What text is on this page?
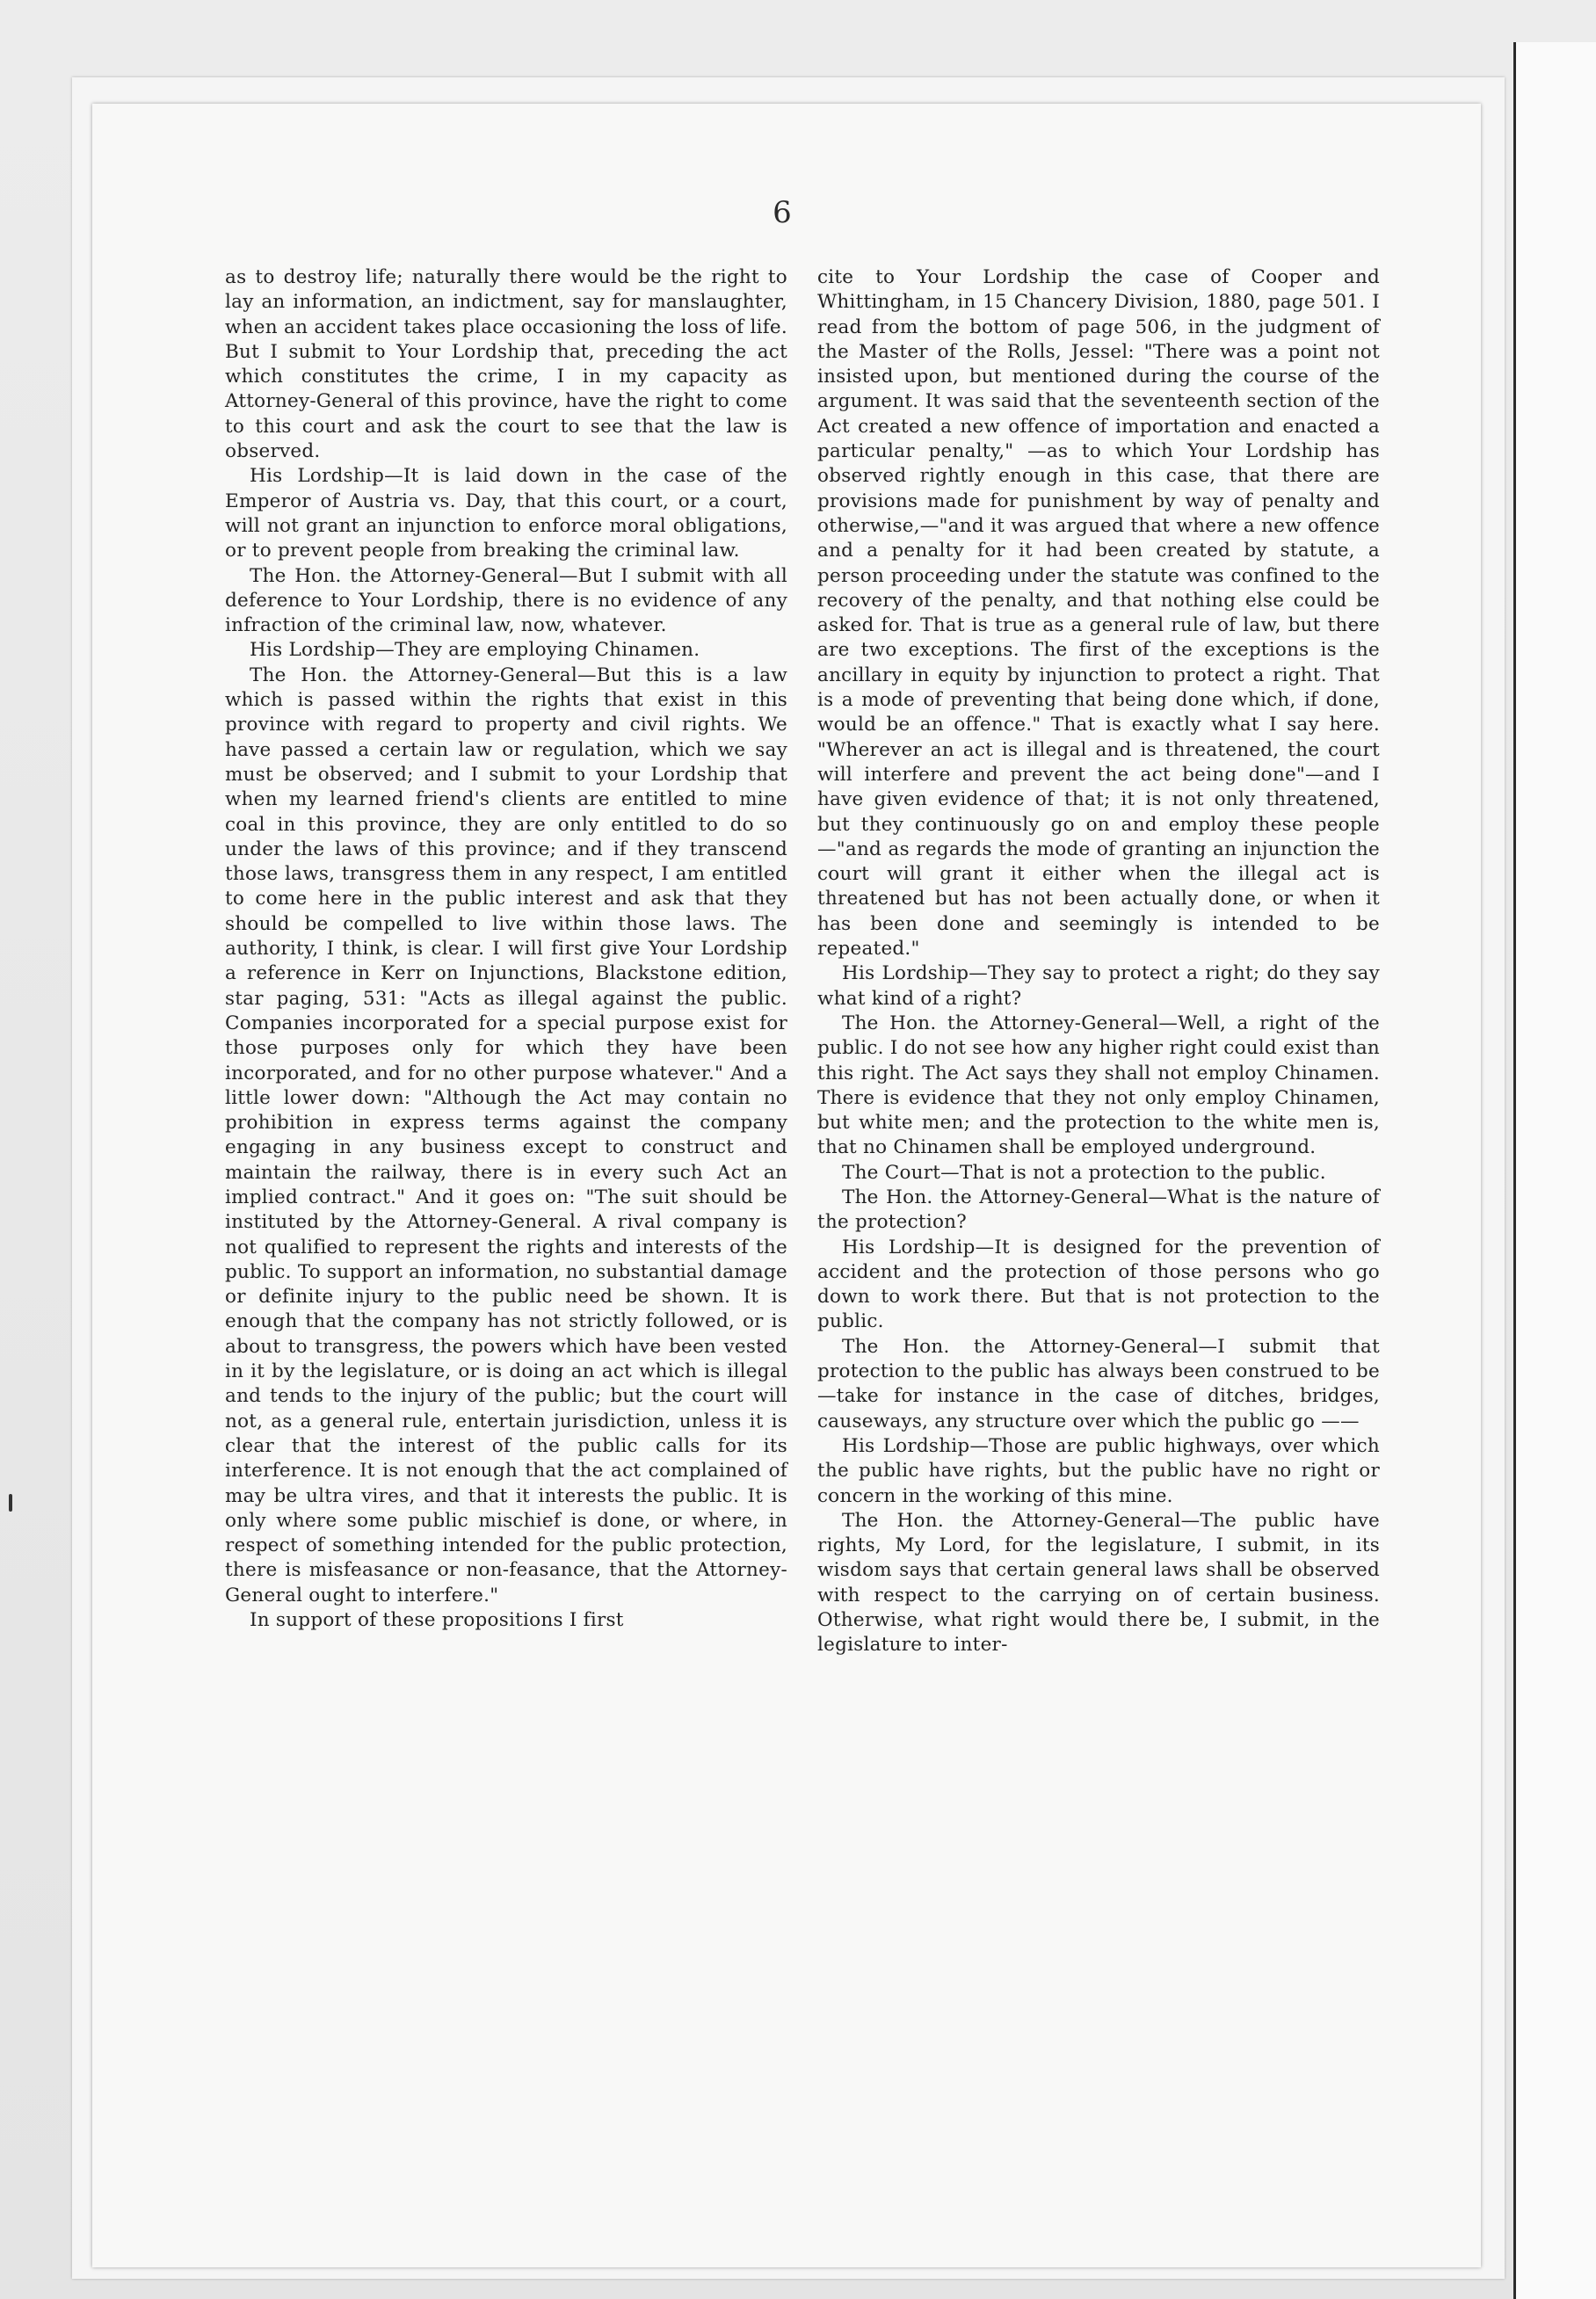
6

as to destroy life; naturally there would be the right to lay an information, an indictment, say for manslaughter, when an accident takes place occasioning the loss of life. But I submit to Your Lordship that, preceding the act which constitutes the crime, I in my capacity as Attorney-General of this province, have the right to come to this court and ask the court to see that the law is observed.

His Lordship—It is laid down in the case of the Emperor of Austria vs. Day, that this court, or a court, will not grant an injunction to enforce moral obligations, or to prevent people from breaking the criminal law.

The Hon. the Attorney-General—But I submit with all deference to Your Lordship, there is no evidence of any infraction of the criminal law, now, whatever.

His Lordship—They are employing Chinamen.

The Hon. the Attorney-General—But this is a law which is passed within the rights that exist in this province with regard to property and civil rights. We have passed a certain law or regulation, which we say must be observed; and I submit to your Lordship that when my learned friend's clients are entitled to mine coal in this province, they are only entitled to do so under the laws of this province; and if they transcend those laws, transgress them in any respect, I am entitled to come here in the public interest and ask that they should be compelled to live within those laws. The authority, I think, is clear. I will first give Your Lordship a reference in Kerr on Injunctions, Blackstone edition, star paging, 531: "Acts as illegal against the public. Companies incorporated for a special purpose exist for those purposes only for which they have been incorporated, and for no other purpose whatever." And a little lower down: "Although the Act may contain no prohibition in express terms against the company engaging in any business except to construct and maintain the railway, there is in every such Act an implied contract." And it goes on: "The suit should be instituted by the Attorney-General. A rival company is not qualified to represent the rights and interests of the public. To support an information, no substantial damage or definite injury to the public need be shown. It is enough that the company has not strictly followed, or is about to transgress, the powers which have been vested in it by the legislature, or is doing an act which is illegal and tends to the injury of the public; but the court will not, as a general rule, entertain jurisdiction, unless it is clear that the interest of the public calls for its interference. It is not enough that the act complained of may be ultra vires, and that it interests the public. It is only where some public mischief is done, or where, in respect of something intended for the public protection, there is misfeasance or non-feasance, that the Attorney-General ought to interfere."

In support of these propositions I first

cite to Your Lordship the case of Cooper and Whittingham, in 15 Chancery Division, 1880, page 501. I read from the bottom of page 506, in the judgment of the Master of the Rolls, Jessel: "There was a point not insisted upon, but mentioned during the course of the argument. It was said that the seventeenth section of the Act created a new offence of importation and enacted a particular penalty," —as to which Your Lordship has observed rightly enough in this case, that there are provisions made for punishment by way of penalty and otherwise,—"and it was argued that where a new offence and a penalty for it had been created by statute, a person proceeding under the statute was confined to the recovery of the penalty, and that nothing else could be asked for. That is true as a general rule of law, but there are two exceptions. The first of the exceptions is the ancillary in equity by injunction to protect a right. That is a mode of preventing that being done which, if done, would be an offence." That is exactly what I say here. "Wherever an act is illegal and is threatened, the court will interfere and prevent the act being done"—and I have given evidence of that; it is not only threatened, but they continuously go on and employ these people—"and as regards the mode of granting an injunction the court will grant it either when the illegal act is threatened but has not been actually done, or when it has been done and seemingly is intended to be repeated."

His Lordship—They say to protect a right; do they say what kind of a right?

The Hon. the Attorney-General—Well, a right of the public. I do not see how any higher right could exist than this right. The Act says they shall not employ Chinamen. There is evidence that they not only employ Chinamen, but white men; and the protection to the white men is, that no Chinamen shall be employed underground.

The Court—That is not a protection to the public.

The Hon. the Attorney-General—What is the nature of the protection?

His Lordship—It is designed for the prevention of accident and the protection of those persons who go down to work there. But that is not protection to the public.

The Hon. the Attorney-General—I submit that protection to the public has always been construed to be—take for instance in the case of ditches, bridges, causeways, any structure over which the public go ——

His Lordship—Those are public highways, over which the public have rights, but the public have no right or concern in the working of this mine.

The Hon. the Attorney-General—The public have rights, My Lord, for the legislature, I submit, in its wisdom says that certain general laws shall be observed with respect to the carrying on of certain business. Otherwise, what right would there be, I submit, in the legislature to inter-
